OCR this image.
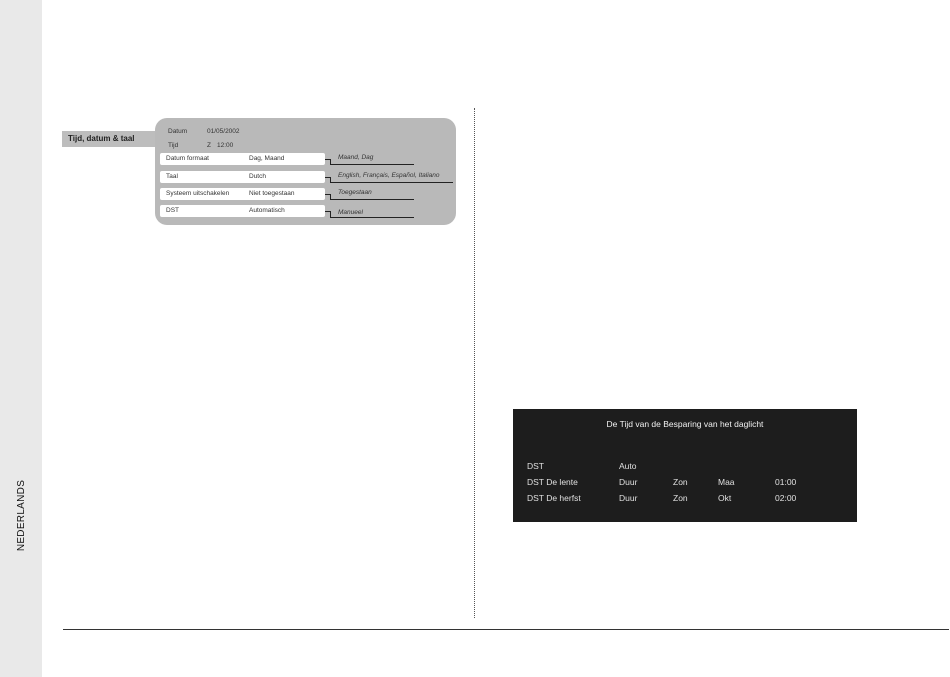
NEDERLANDS
Tijd, datum & taal
Datum	01/05/2002
Tijd	Z 12:00
Datum formaat	Dag, Maand	Maand, Dag
Taal	Dutch	English, Français, Español, Italiano
Systeem uitschakelen	Niet toegestaan	Toegestaan
DST	Automatisch	Manueel
De Tijd van de Besparing van het daglicht
DST	Auto
DST De lente	Duur	Zon	Maa	01:00
DST De herfst	Duur	Zon	Okt	02:00
